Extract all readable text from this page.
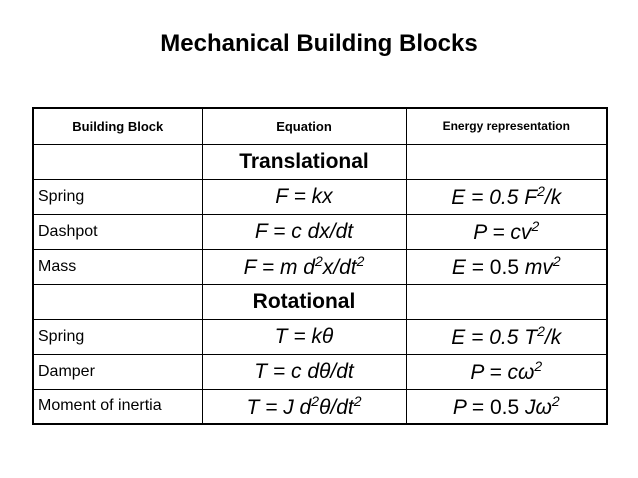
Mechanical Building Blocks
Building Block	Equation	Energy representation
	Translational	
Spring	F = kx	E = 0.5 $F^2/k$
Dashpot	F = c dx/dt	$P = cv^2$
Mass	F = m $d^2x/dt^2$	E = 0.5 $mv^2$
	Rotational	
Spring	T = kθ	E = 0.5 $T^2/k$
Damper	T = c dθ/dt	$P = c\omega^2$
Moment of inertia	T = J $d^2\theta/dt^2$	P = 0.5 $J\omega^2$
